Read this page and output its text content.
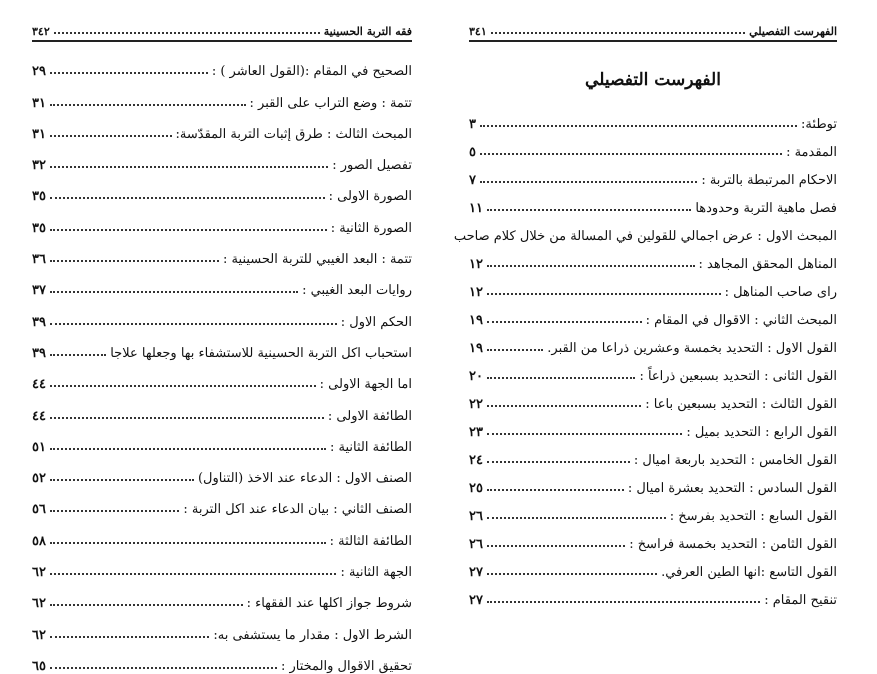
فقه التربة الحسينية
٣٤٢
الصحيح في المقام :(القول العاشر ) :
٢٩
تتمة : وضع التراب على القبر :
٣١
المبحث الثالث : طرق إثبات التربة المقدّسة:
٣١
تفصيل الصور :
٣٢
الصورة الاولى :
٣٥
الصورة الثانية :
٣٥
تتمة : البعد الغيبي للتربة الحسينية :
٣٦
روايات البعد الغيبي :
٣٧
الحكم الاول :
٣٩
استحباب اكل التربة الحسينية للاستشفاء بها وجعلها علاجا
٣٩
اما الجهة الاولى :
٤٤
الطائفة الاولى :
٤٤
الطائفة الثانية :
٥١
الصنف الاول : الدعاء عند الاخذ (التناول)
٥٢
الصنف الثاني : بيان الدعاء عند اكل التربة :
٥٦
الطائفة الثالثة :
٥٨
الجهة الثانية :
٦٢
شروط جواز اكلها عند الفقهاء :
٦٢
الشرط الاول : مقدار ما يستشفى به:
٦٢
تحقيق الاقوال والمختار :
٦٥
الفهرست التفصيلي
٣٤١
الفهرست التفصيلي
توطئة:
٣
المقدمة :
٥
الاحكام المرتبطة بالتربة :
٧
فصل ماهية التربة وحدودها
١١
المبحث الاول : عرض اجمالي للقولين في المسالة من خلال كلام صاحب
المناهل المحقق المجاهد :
١٢
راى صاحب المناهل :
١٢
المبحث الثاني : الاقوال في المقام :
١٩
القول الاول : التحديد بخمسة وعشرين ذراعا من القبر.
١٩
القول الثانى : التحديد بسبعين ذراعاً :
٢٠
القول الثالث : التحديد بسبعين باعا :
٢٢
القول الرابع : التحديد بميل :
٢٣
القول الخامس : التحديد باربعة اميال :
٢٤
القول السادس : التحديد بعشرة اميال :
٢٥
القول السابع : التحديد بفرسخ :
٢٦
القول الثامن : التحديد بخمسة فراسخ :
٢٦
القول التاسع :انها الطين العرفي.
٢٧
تنقيح المقام :
٢٧
